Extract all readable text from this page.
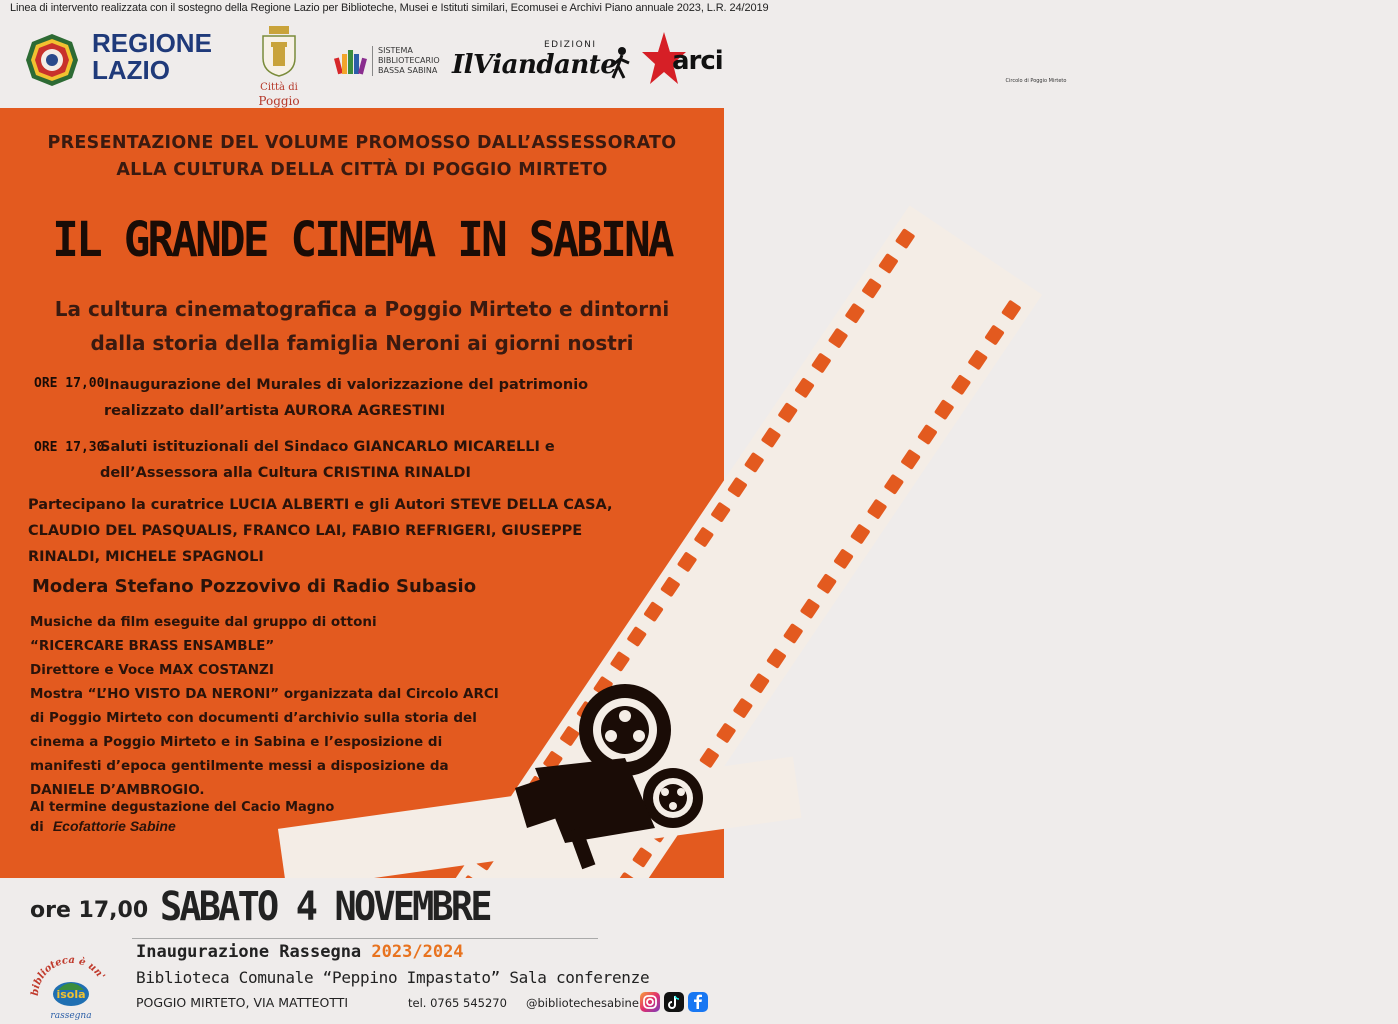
Linea di intervento realizzata con il sostegno della Regione Lazio per Biblioteche, Musei e Istituti similari, Ecomusei e Archivi Piano annuale 2023, L.R. 24/2019
REGIONE
LAZIO
Città di
Poggio
SISTEMA
BIBLIOTECARIO
BASSA SABINA
EDIZIONI
IlViandante arci
Circolo di Poggio Mirteto
PRESENTAZIONE DEL VOLUME PROMOSSO DALL’ASSESSORATO
ALLA CULTURA DELLA CITTÀ DI POGGIO MIRTETO
IL GRANDE CINEMA IN SABINA
La cultura cinematografica a Poggio Mirteto e dintorni
dalla storia della famiglia Neroni ai giorni nostri
ORE 17,00 Inaugurazione del Murales di valorizzazione del patrimonio
realizzato dall’artista AURORA AGRESTINI
ORE 17,30
Saluti istituzionali del Sindaco GIANCARLO MICARELLI e
dell’Assessora alla Cultura CRISTINA RINALDI
Partecipano la curatrice LUCIA ALBERTI e gli Autori STEVE DELLA CASA,
CLAUDIO DEL PASQUALIS, FRANCO LAI, FABIO REFRIGERI, GIUSEPPE
RINALDI, MICHELE SPAGNOLI
Modera Stefano Pozzovivo di Radio Subasio
Musiche da film eseguite dal gruppo di ottoni
“RICERCARE BRASS ENSAMBLE”
Direttore e Voce MAX COSTANZI
Mostra “L’HO VISTO DA NERONI” organizzata dal Circolo ARCI
di Poggio Mirteto con documenti d’archivio sulla storia del
cinema a Poggio Mirteto e in Sabina e l’esposizione di
manifesti d’epoca gentilmente messi a disposizione da
DANIELE D’AMBROGIO.
Al termine degustazione del Cacio Magno
di Ecofattorie Sabine
ore 17,00 SABATO 4 NOVEMBRE
biblioteca è un'
isola
rassegna
Inaugurazione Rassegna 2023/2024
Biblioteca Comunale “Peppino Impastato” Sala conferenze
POGGIO MIRTETO, VIA MATTEOTTI	tel. 0765 545270 @bibliotechesabine
